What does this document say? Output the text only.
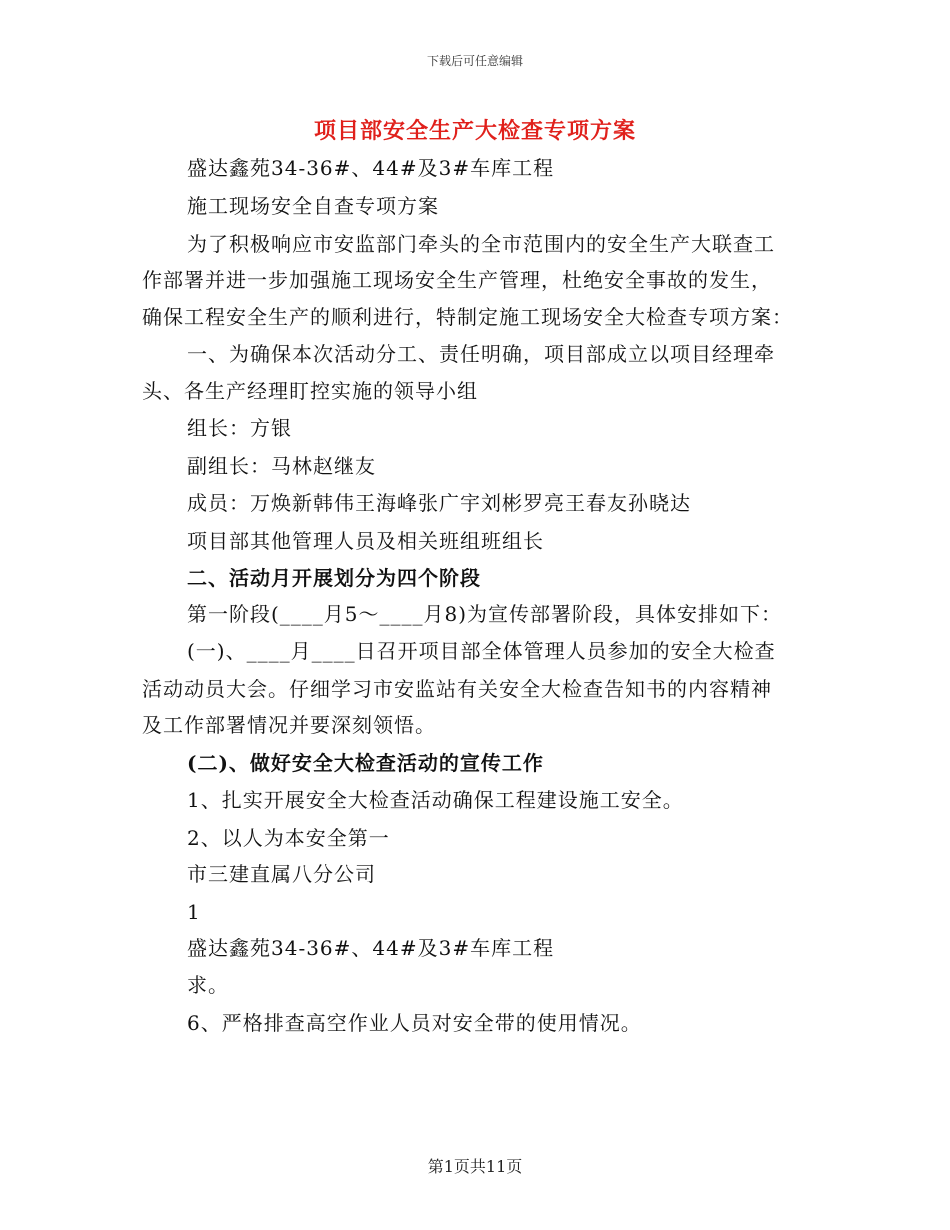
下载后可任意编辑
项目部安全生产大检查专项方案
盛达鑫苑34-36#、44#及3#车库工程
施工现场安全自查专项方案
为了积极响应市安监部门牵头的全市范围内的安全生产大联查工
作部署并进一步加强施工现场安全生产管理，杜绝安全事故的发生，
确保工程安全生产的顺利进行，特制定施工现场安全大检查专项方案：
一、为确保本次活动分工、责任明确，项目部成立以项目经理牵
头、各生产经理盯控实施的领导小组
组长：方银
副组长：马林赵继友
成员：万焕新韩伟王海峰张广宇刘彬罗亮王春友孙晓达
项目部其他管理人员及相关班组班组长
二、活动月开展划分为四个阶段
第一阶段(____月5～____月8)为宣传部署阶段，具体安排如下：
(一)、____月____日召开项目部全体管理人员参加的安全大检查
活动动员大会。仔细学习市安监站有关安全大检查告知书的内容精神
及工作部署情况并要深刻领悟。
(二)、做好安全大检查活动的宣传工作
1、扎实开展安全大检查活动确保工程建设施工安全。
2、以人为本安全第一
市三建直属八分公司
1
盛达鑫苑34-36#、44#及3#车库工程
求。
6、严格排查高空作业人员对安全带的使用情况。
第1页共11页
